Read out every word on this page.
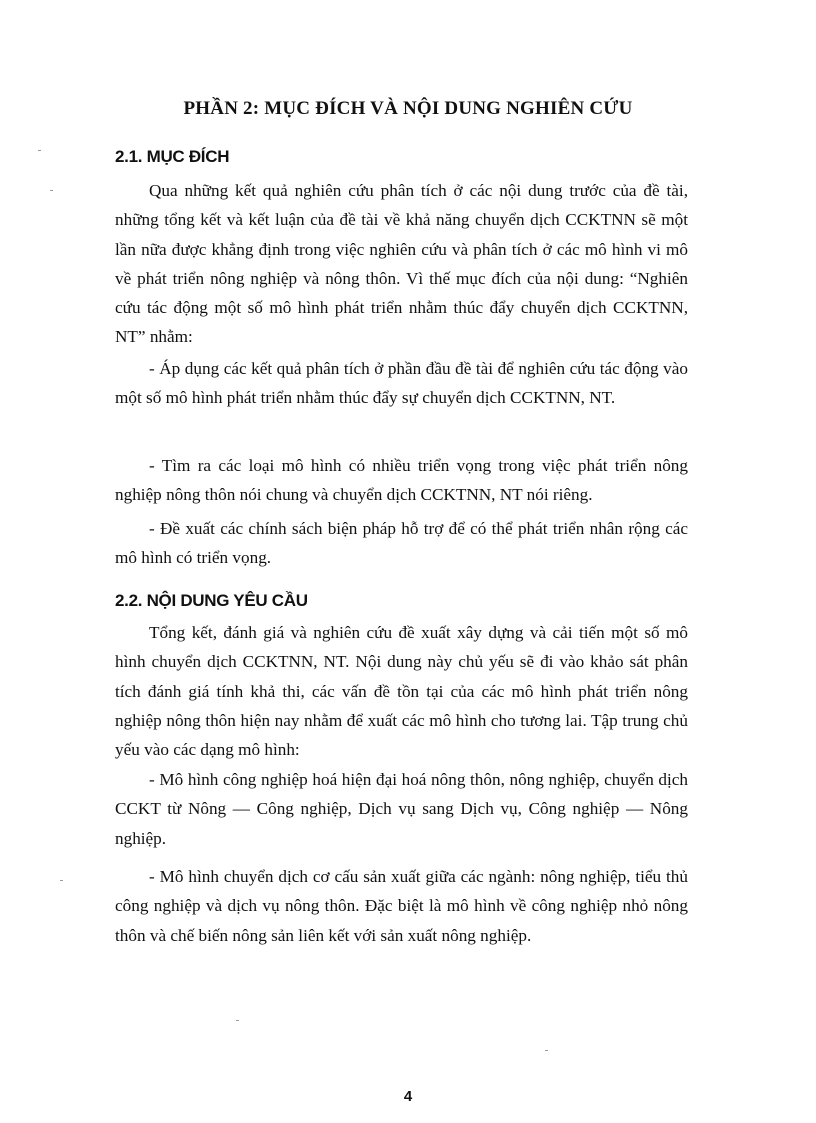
PHẦN 2: MỤC ĐÍCH VÀ NỘI DUNG NGHIÊN CỨU
2.1. MỤC ĐÍCH

Qua những kết quả nghiên cứu phân tích ở các nội dung trước của đề tài, những tổng kết và kết luận của đề tài về khả năng chuyển dịch CCKTNN sẽ một lần nữa được khẳng định trong việc nghiên cứu và phân tích ở các mô hình vi mô về phát triển nông nghiệp và nông thôn. Vì thế mục đích của nội dung: “Nghiên cứu tác động một số mô hình phát triển nhằm thúc đẩy chuyển dịch CCKTNN, NT” nhằm:

- Áp dụng các kết quả phân tích ở phần đầu đề tài để nghiên cứu tác động vào một số mô hình phát triển nhằm thúc đẩy sự chuyển dịch CCKTNN, NT.

- Tìm ra các loại mô hình có nhiều triển vọng trong việc phát triển nông nghiệp nông thôn nói chung và chuyển dịch CCKTNN, NT nói riêng.

- Đề xuất các chính sách biện pháp hỗ trợ để có thể phát triển nhân rộng các mô hình có triển vọng.

2.2. NỘI DUNG YÊU CẦU

Tổng kết, đánh giá và nghiên cứu đề xuất xây dựng và cải tiến một số mô hình chuyển dịch CCKTNN, NT. Nội dung này chủ yếu sẽ đi vào khảo sát phân tích đánh giá tính khả thi, các vấn đề tồn tại của các mô hình phát triển nông nghiệp nông thôn hiện nay nhằm để xuất các mô hình cho tương lai. Tập trung chủ yếu vào các dạng mô hình:

- Mô hình công nghiệp hoá hiện đại hoá nông thôn, nông nghiệp, chuyển dịch CCKT từ Nông — Công nghiệp, Dịch vụ sang Dịch vụ, Công nghiệp — Nông nghiệp.

- Mô hình chuyển dịch cơ cấu sản xuất giữa các ngành: nông nghiệp, tiểu thủ công nghiệp và dịch vụ nông thôn. Đặc biệt là mô hình về công nghiệp nhỏ nông thôn và chế biến nông sản liên kết với sản xuất nông nghiệp.

4
